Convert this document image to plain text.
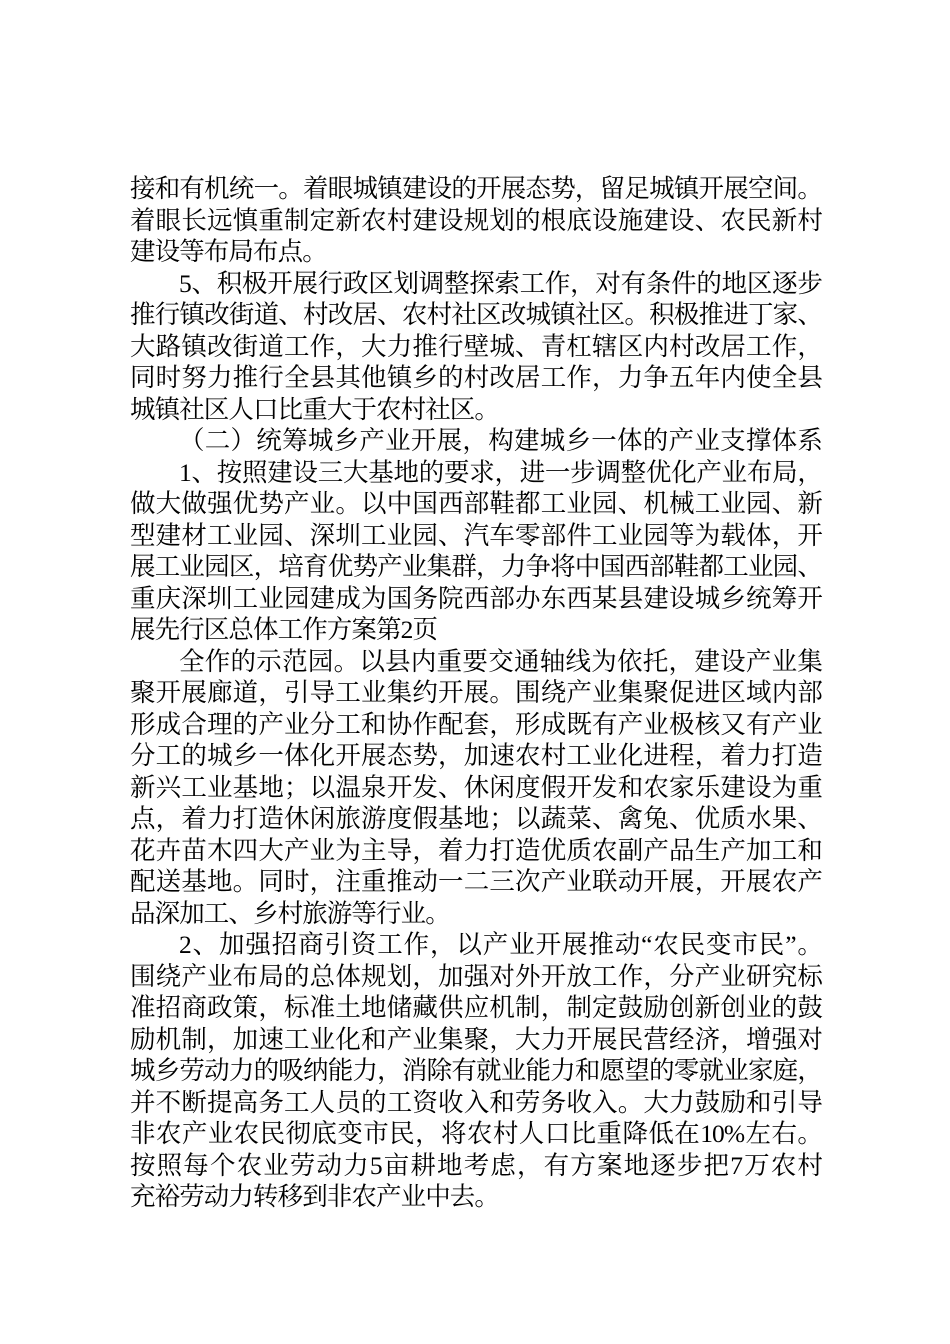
接和有机统一。着眼城镇建设的开展态势，留足城镇开展空间。
着眼长远慎重制定新农村建设规划的根底设施建设、农民新村
建设等布局布点。
5、积极开展行政区划调整探索工作，对有条件的地区逐步
推行镇改街道、村改居、农村社区改城镇社区。积极推进丁家、
大路镇改街道工作，大力推行壁城、青杠辖区内村改居工作，
同时努力推行全县其他镇乡的村改居工作，力争五年内使全县
城镇社区人口比重大于农村社区。
（二）统筹城乡产业开展，构建城乡一体的产业支撑体系
1、按照建设三大基地的要求，进一步调整优化产业布局，
做大做强优势产业。以中国西部鞋都工业园、机械工业园、新
型建材工业园、深圳工业园、汽车零部件工业园等为载体，开
展工业园区，培育优势产业集群，力争将中国西部鞋都工业园、
重庆深圳工业园建成为国务院西部办东西某县建设城乡统筹开
展先行区总体工作方案第2页
全作的示范园。以县内重要交通轴线为依托，建设产业集
聚开展廊道，引导工业集约开展。围绕产业集聚促进区域内部
形成合理的产业分工和协作配套，形成既有产业极核又有产业
分工的城乡一体化开展态势，加速农村工业化进程，着力打造
新兴工业基地；以温泉开发、休闲度假开发和农家乐建设为重
点，着力打造休闲旅游度假基地；以蔬菜、禽兔、优质水果、
花卉苗木四大产业为主导，着力打造优质农副产品生产加工和
配送基地。同时，注重推动一二三次产业联动开展，开展农产
品深加工、乡村旅游等行业。
2、加强招商引资工作，以产业开展推动“农民变市民”。
围绕产业布局的总体规划，加强对外开放工作，分产业研究标
准招商政策，标准土地储藏供应机制，制定鼓励创新创业的鼓
励机制，加速工业化和产业集聚，大力开展民营经济，增强对
城乡劳动力的吸纳能力，消除有就业能力和愿望的零就业家庭，
并不断提高务工人员的工资收入和劳务收入。大力鼓励和引导
非农产业农民彻底变市民，将农村人口比重降低在10%左右。
按照每个农业劳动力5亩耕地考虑，有方案地逐步把7万农村
充裕劳动力转移到非农产业中去。
